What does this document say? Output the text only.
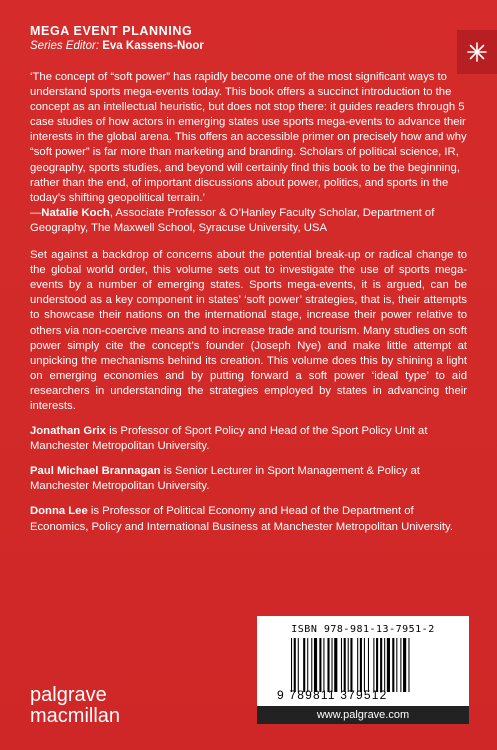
MEGA EVENT PLANNING
Series Editor: Eva Kassens-Noor

‘The concept of “soft power” has rapidly become one of the most significant ways to understand sports mega-events today. This book offers a succinct introduction to the concept as an intellectual heuristic, but does not stop there: it guides readers through 5 case studies of how actors in emerging states use sports mega-events to advance their interests in the global arena. This offers an accessible primer on precisely how and why “soft power” is far more than marketing and branding. Scholars of political science, IR, geography, sports studies, and beyond will certainly find this book to be the beginning, rather than the end, of important discussions about power, politics, and sports in the today’s shifting geopolitical terrain.’

—Natalie Koch, Associate Professor & O’Hanley Faculty Scholar, Department of Geography, The Maxwell School, Syracuse University, USA

Set against a backdrop of concerns about the potential break-up or radical change to the global world order, this volume sets out to investigate the use of sports mega-events by a number of emerging states. Sports mega-events, it is argued, can be understood as a key component in states’ ‘soft power’ strategies, that is, their attempts to showcase their nations on the international stage, increase their power relative to others via non-coercive means and to increase trade and tourism. Many studies on soft power simply cite the concept’s founder (Joseph Nye) and make little attempt at unpicking the mechanisms behind its creation. This volume does this by shining a light on emerging economies and by putting forward a soft power ‘ideal type’ to aid researchers in understanding the strategies employed by states in advancing their interests.

Jonathan Grix is Professor of Sport Policy and Head of the Sport Policy Unit at Manchester Metropolitan University.

Paul Michael Brannagan is Senior Lecturer in Sport Management & Policy at Manchester Metropolitan University.

Donna Lee is Professor of Political Economy and Head of the Department of Economics, Policy and International Business at Manchester Metropolitan University.

ISBN 978-981-13-7951-2
9 789811 379512
www.palgrave.com
palgrave
macmillan
